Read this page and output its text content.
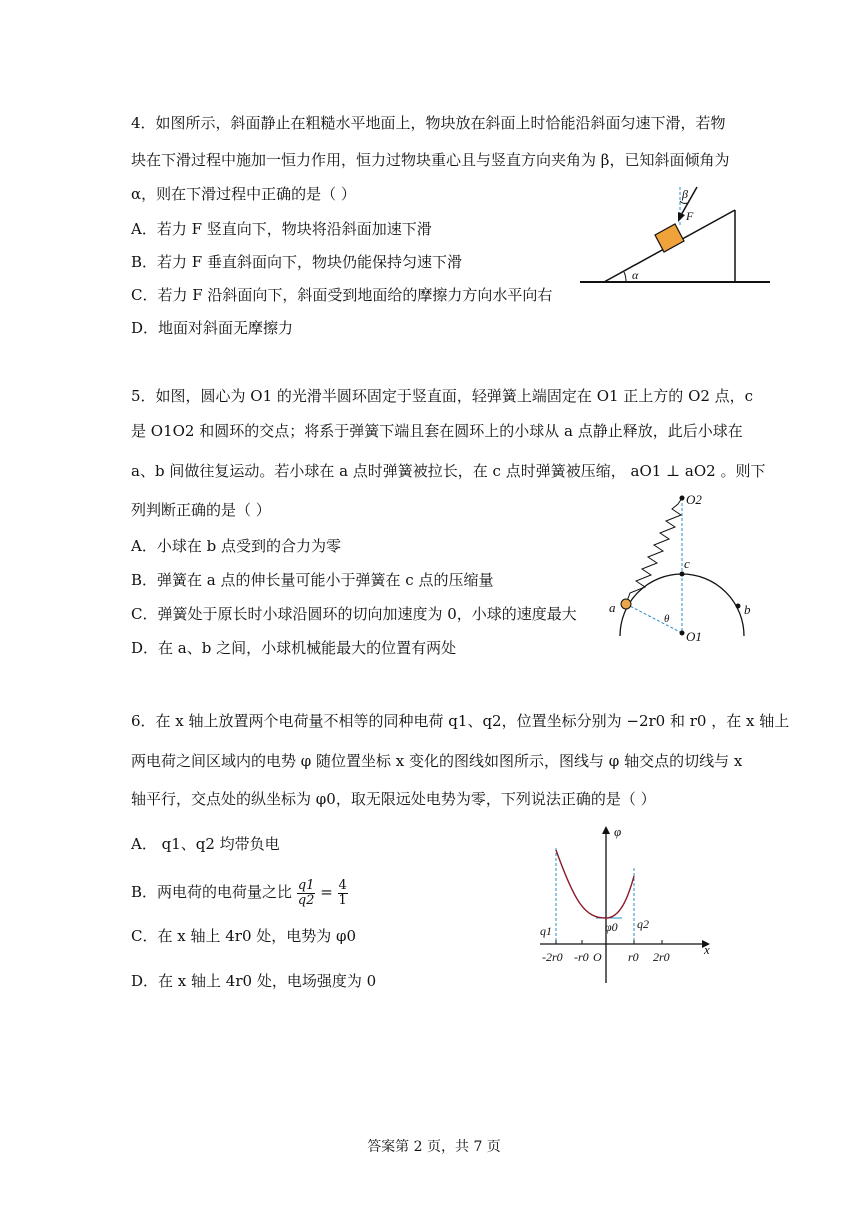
4．如图所示，斜面静止在粗糙水平地面上，物块放在斜面上时恰能沿斜面匀速下滑，若物
块在下滑过程中施加一恒力作用，恒力过物块重心且与竖直方向夹角为 β，已知斜面倾角为
α，则在下滑过程中正确的是（ ）
A．若力 F 竖直向下，物块将沿斜面加速下滑
B．若力 F 垂直斜面向下，物块仍能保持匀速下滑
C．若力 F 沿斜面向下，斜面受到地面给的摩擦力方向水平向右
D．地面对斜面无摩擦力
α
β
F
5．如图，圆心为 O1 的光滑半圆环固定于竖直面，轻弹簧上端固定在 O1 正上方的 O2 点，c
是 O1O2 和圆环的交点；将系于弹簧下端且套在圆环上的小球从 a 点静止释放，此后小球在
a、b 间做往复运动。若小球在 a 点时弹簧被拉长，在 c 点时弹簧被压缩， aO1 ⊥ aO2 。则下
列判断正确的是（ ）
A．小球在 b 点受到的合力为零
B．弹簧在 a 点的伸长量可能小于弹簧在 c 点的压缩量
C．弹簧处于原长时小球沿圆环的切向加速度为 0，小球的速度最大
D．在 a、b 之间，小球机械能最大的位置有两处
O2
c
a	b
θ
O1
6．在 x 轴上放置两个电荷量不相等的同种电荷 q1、q2，位置坐标分别为 −2r0 和 r0 ，在 x 轴上
两电荷之间区域内的电势 φ 随位置坐标 x 变化的图线如图所示，图线与 φ 轴交点的切线与 x
轴平行，交点处的纵坐标为 φ0，取无限远处电势为零，下列说法正确的是（ ）
A． q1、q2 均带负电
B．两电荷的电荷量之比 $\frac{q1}{q2} = \frac{4}{1}$
C．在 x 轴上 4r0 处，电势为 φ0
D．在 x 轴上 4r0 处，电场强度为 0
φ
x
φ0
q1	q2
-2r0 -r0 O r0 2r0
答案第 2 页，共 7 页
